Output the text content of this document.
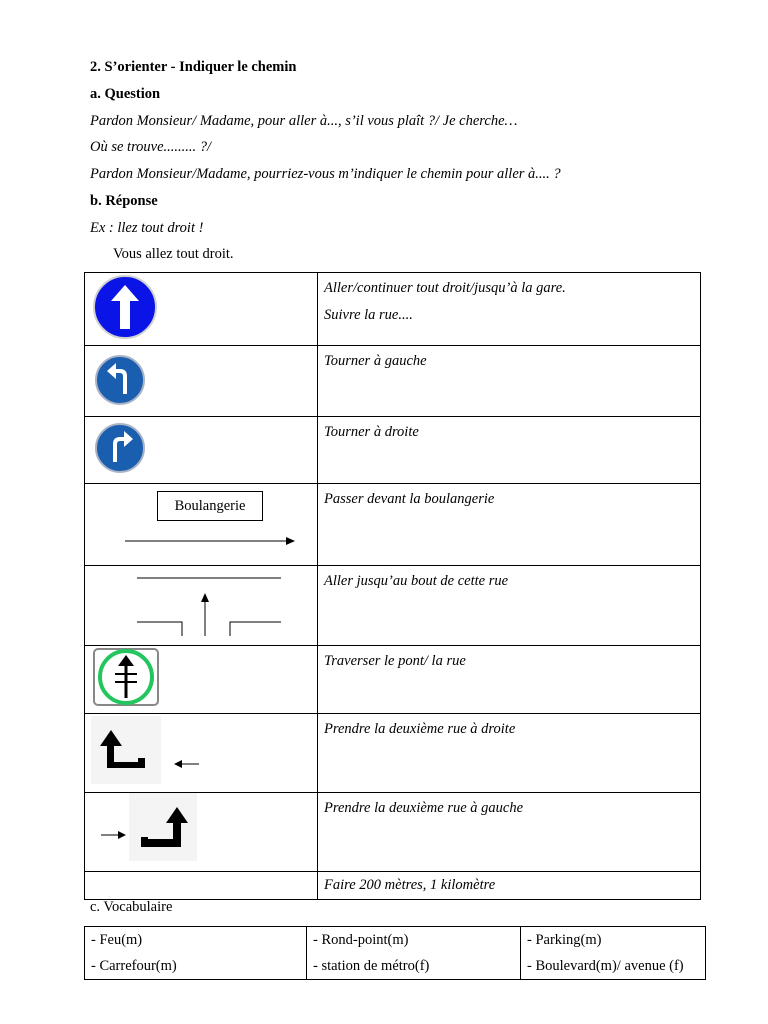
2. S’orienter - Indiquer le chemin
a. Question
Pardon Monsieur/ Madame, pour aller à..., s’il vous plaît ?/ Je cherche…
Où se trouve......... ?/
Pardon Monsieur/Madame, pourriez-vous m’indiquer le chemin pour aller à.... ?
b. Réponse
Ex : llez tout droit !
Vous allez tout droit.

Aller/continuer tout droit/jusqu’à la gare.
Suivre la rue....

Tourner à gauche

Tourner à droite

Boulangerie	Passer devant la boulangerie

Aller jusqu’au bout de cette rue

Traverser le pont/ la rue

Prendre la deuxième rue à droite

Prendre la deuxième rue à gauche

	Faire 200 mètres, 1 kilomètre
c. Vocabulaire
- Feu(m)
- Carrefour(m)

- Rond-point(m)
- station de métro(f)

- Parking(m)
- Boulevard(m)/ avenue (f)
